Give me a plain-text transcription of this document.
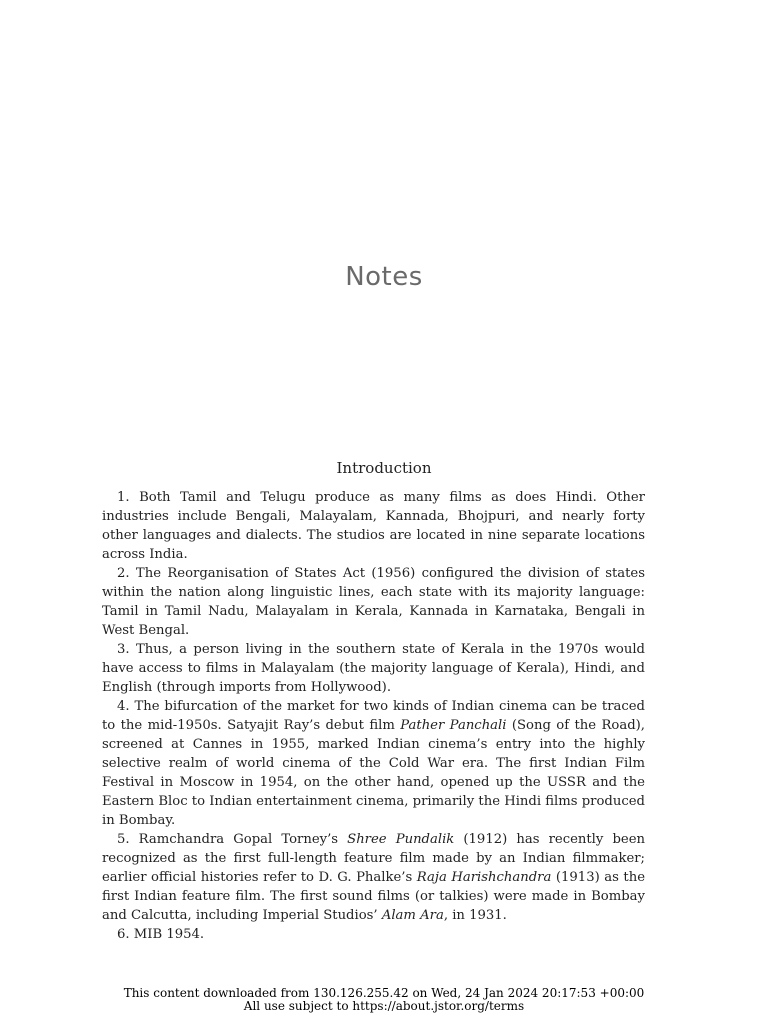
Notes
Introduction

1. Both Tamil and Telugu produce as many films as does Hindi. Other industries include Bengali, Malayalam, Kannada, Bhojpuri, and nearly forty other languages and dialects. The studios are located in nine separate locations across India.

2. The Reorganisation of States Act (1956) configured the division of states within the nation along linguistic lines, each state with its majority language: Tamil in Tamil Nadu, Malayalam in Kerala, Kannada in Karnataka, Bengali in West Bengal.

3. Thus, a person living in the southern state of Kerala in the 1970s would have access to films in Malayalam (the majority language of Kerala), Hindi, and English (through imports from Hollywood).

4. The bifurcation of the market for two kinds of Indian cinema can be traced to the mid-1950s. Satyajit Ray’s debut film Pather Panchali (Song of the Road), screened at Cannes in 1955, marked Indian cinema’s entry into the highly selective realm of world cinema of the Cold War era. The first Indian Film Festival in Moscow in 1954, on the other hand, opened up the USSR and the Eastern Bloc to Indian entertainment cinema, primarily the Hindi films produced in Bombay.

5. Ramchandra Gopal Torney’s Shree Pundalik (1912) has recently been recognized as the first full-length feature film made by an Indian filmmaker; earlier official histories refer to D. G. Phalke’s Raja Harishchandra (1913) as the first Indian feature film. The first sound films (or talkies) were made in Bombay and Calcutta, including Imperial Studios’ Alam Ara, in 1931.

6. MIB 1954.

This content downloaded from 130.126.255.42 on Wed, 24 Jan 2024 20:17:53 +00:00
All use subject to https://about.jstor.org/terms
